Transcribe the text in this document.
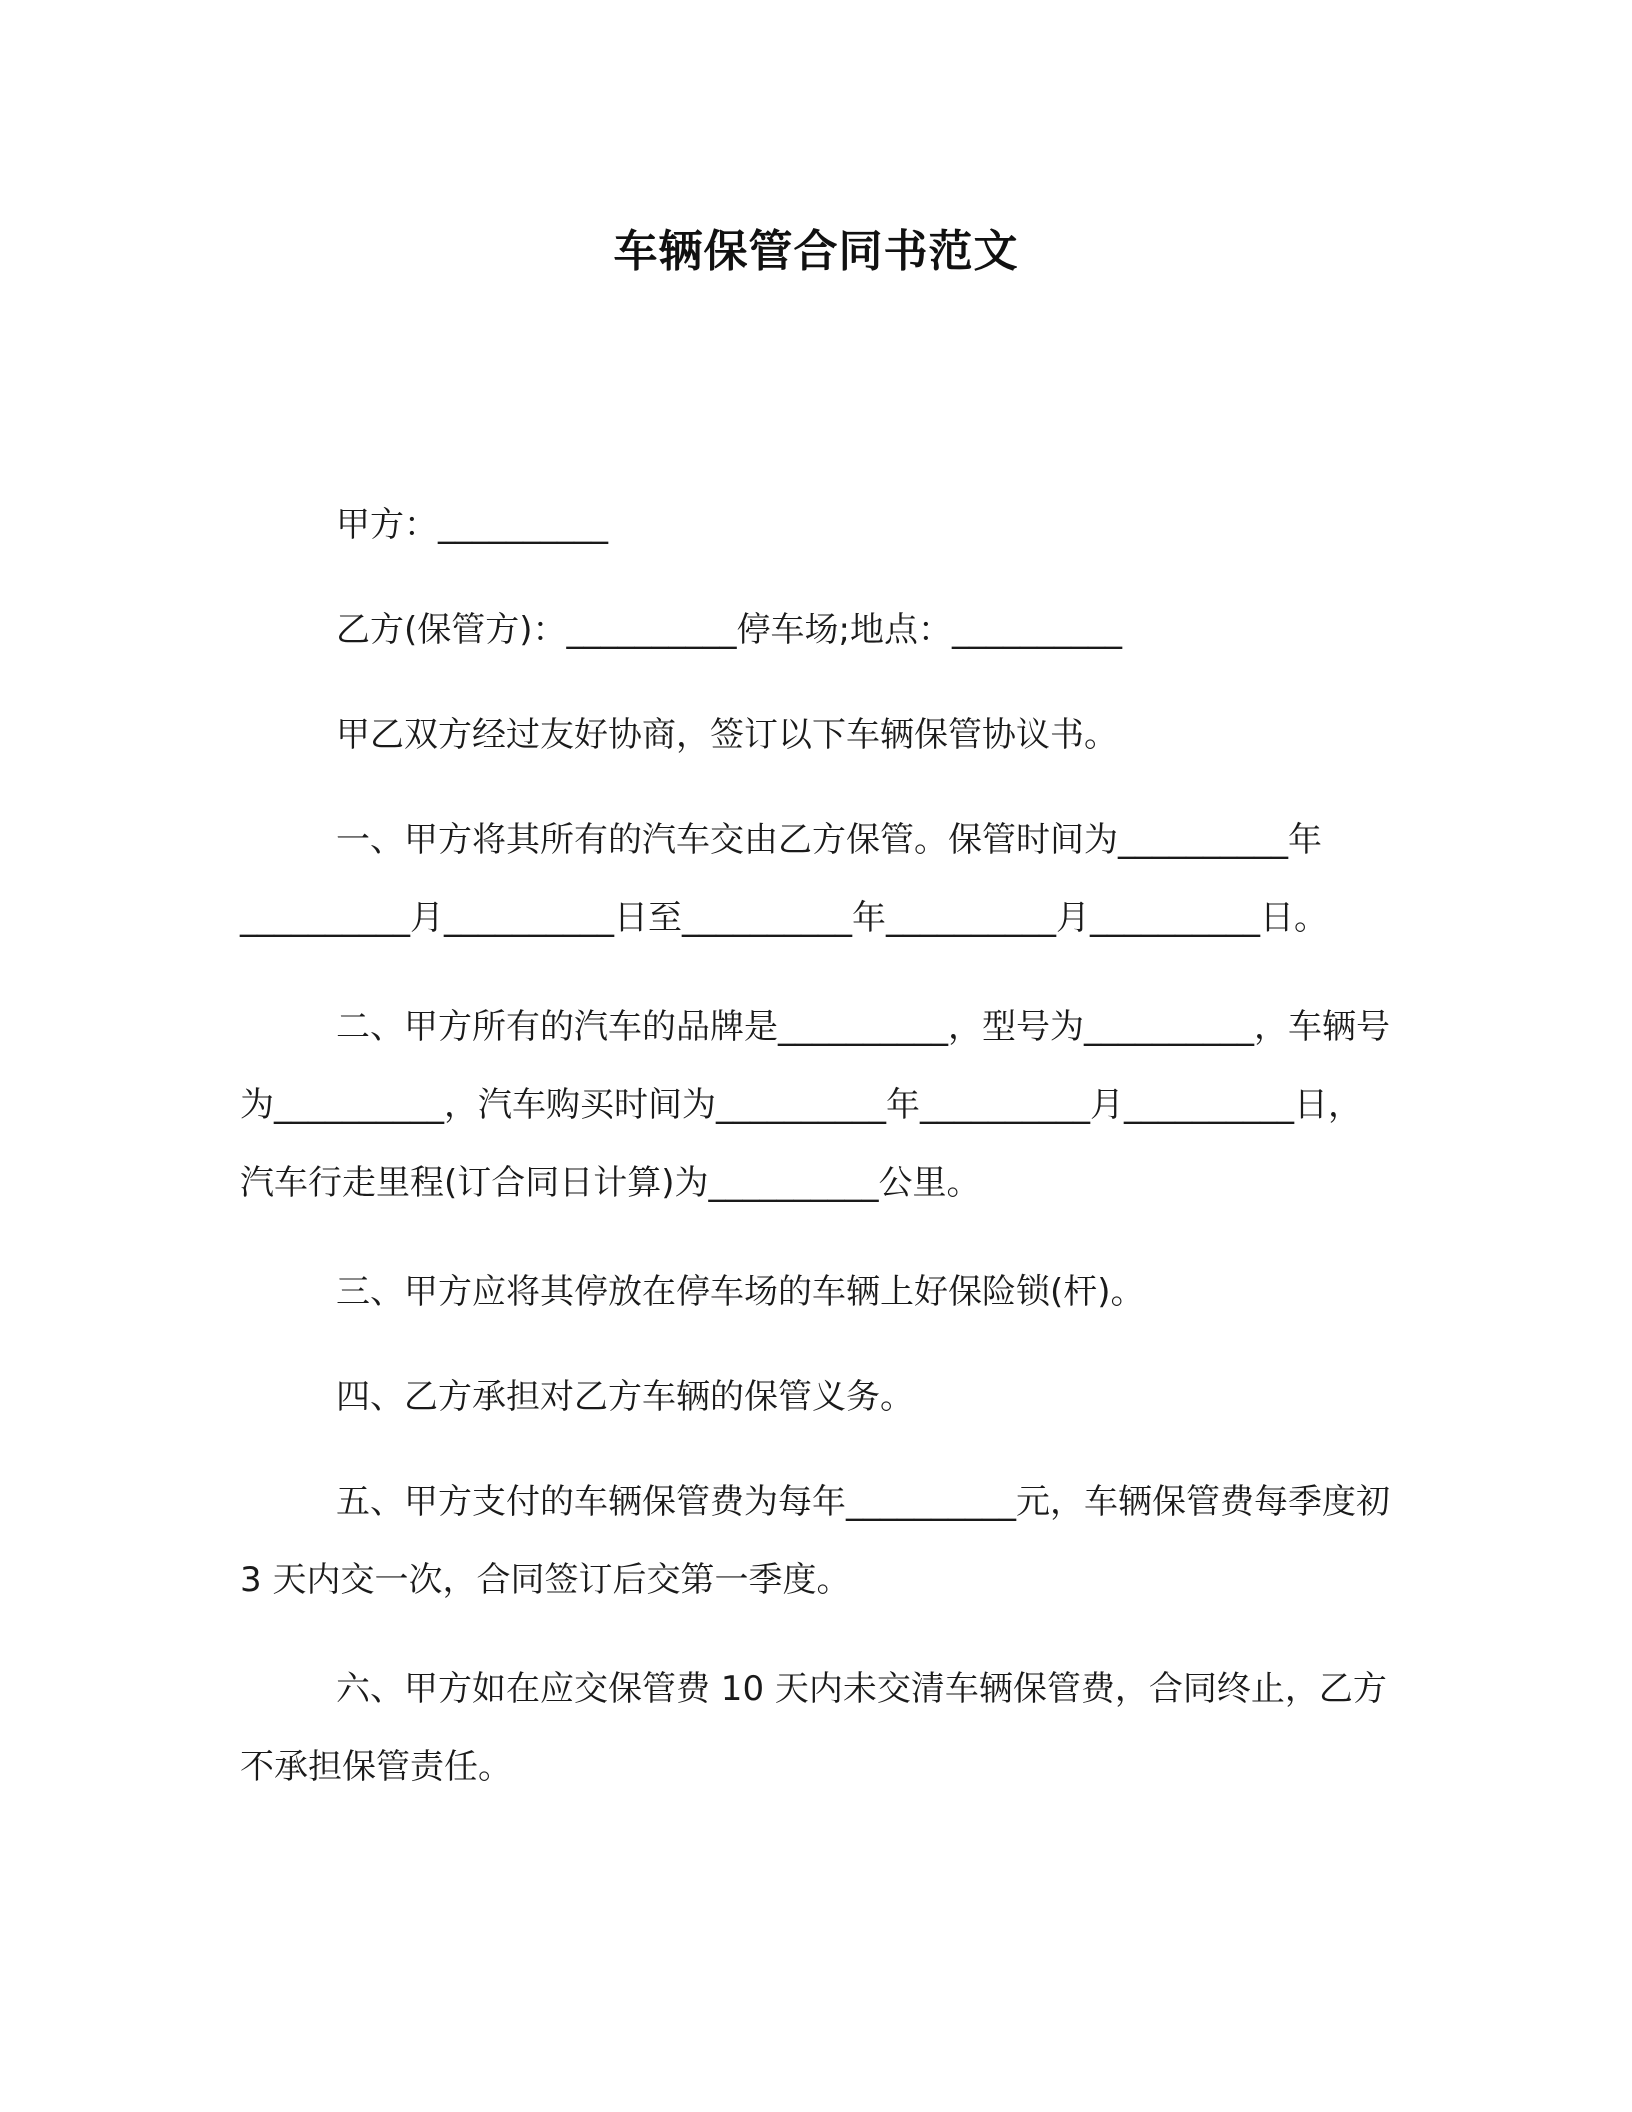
车辆保管合同书范文

甲方：__________

乙方(保管方)：__________停车场;地点：__________

甲乙双方经过友好协商，签订以下车辆保管协议书。

一、甲方将其所有的汽车交由乙方保管。保管时间为__________年__________月__________日至__________年__________月__________日。

二、甲方所有的汽车的品牌是__________，型号为__________，车辆号为__________，汽车购买时间为__________年__________月__________日，汽车行走里程(订合同日计算)为__________公里。

三、甲方应将其停放在停车场的车辆上好保险锁(杆)。

四、乙方承担对乙方车辆的保管义务。

五、甲方支付的车辆保管费为每年__________元，车辆保管费每季度初 3 天内交一次，合同签订后交第一季度。

六、甲方如在应交保管费 10 天内未交清车辆保管费，合同终止，乙方不承担保管责任。
